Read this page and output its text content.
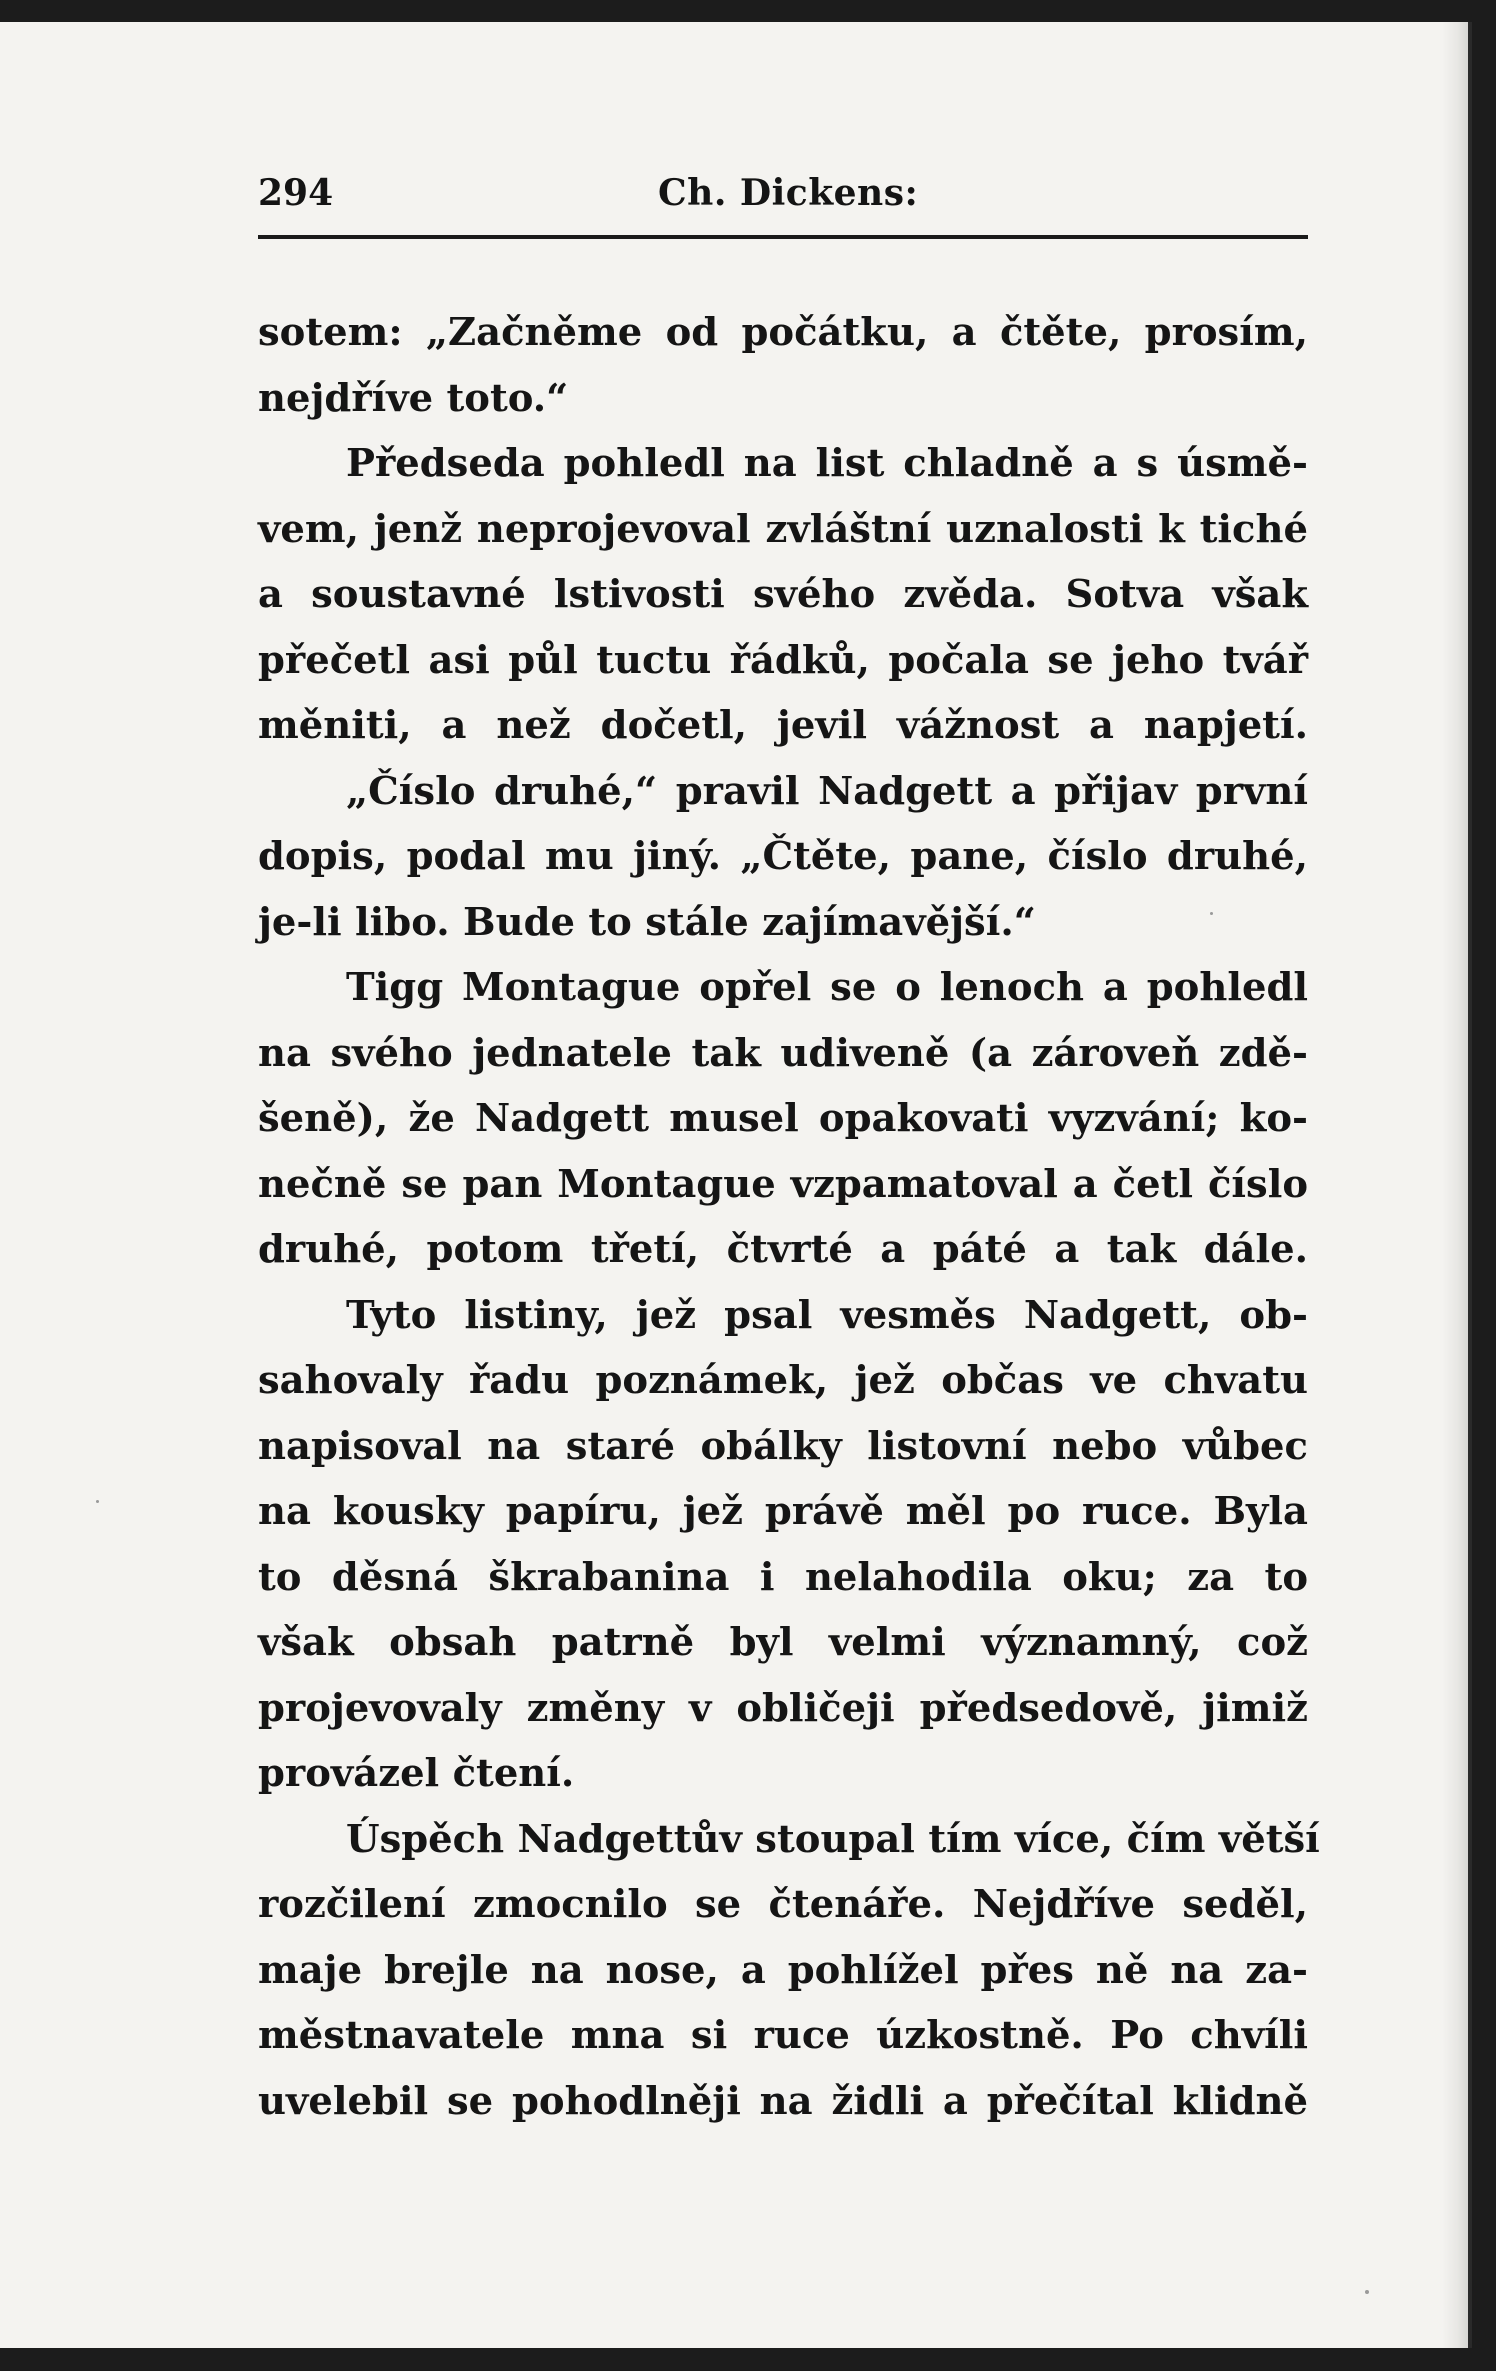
294	Ch. Dickens:
sotem: „Začněme od počátku, a čtěte, prosím,
nejdříve toto.“
Předseda pohledl na list chladně a s úsmě-
vem, jenž neprojevoval zvláštní uznalosti k tiché
a soustavné lstivosti svého zvěda. Sotva však
přečetl asi půl tuctu řádků, počala se jeho tvář
měniti, a než dočetl, jevil vážnost a napjetí.
„Číslo druhé,“ pravil Nadgett a přijav první
dopis, podal mu jiný. „Čtěte, pane, číslo druhé,
je-li libo. Bude to stále zajímavější.“
Tigg Montague opřel se o lenoch a pohledl
na svého jednatele tak udiveně (a zároveň zdě-
šeně), že Nadgett musel opakovati vyzvání; ko-
nečně se pan Montague vzpamatoval a četl číslo
druhé, potom třetí, čtvrté a páté a tak dále.
Tyto listiny, jež psal vesměs Nadgett, ob-
sahovaly řadu poznámek, jež občas ve chvatu
napisoval na staré obálky listovní nebo vůbec
na kousky papíru, jež právě měl po ruce. Byla
to děsná škrabanina i nelahodila oku; za to
však obsah patrně byl velmi významný, což
projevovaly změny v obličeji předsedově, jimiž
provázel čtení.
Úspěch Nadgettův stoupal tím více, čím větší
rozčilení zmocnilo se čtenáře. Nejdříve seděl,
maje brejle na nose, a pohlížel přes ně na za-
městnavatele mna si ruce úzkostně. Po chvíli
uvelebil se pohodlněji na židli a přečítal klidně
